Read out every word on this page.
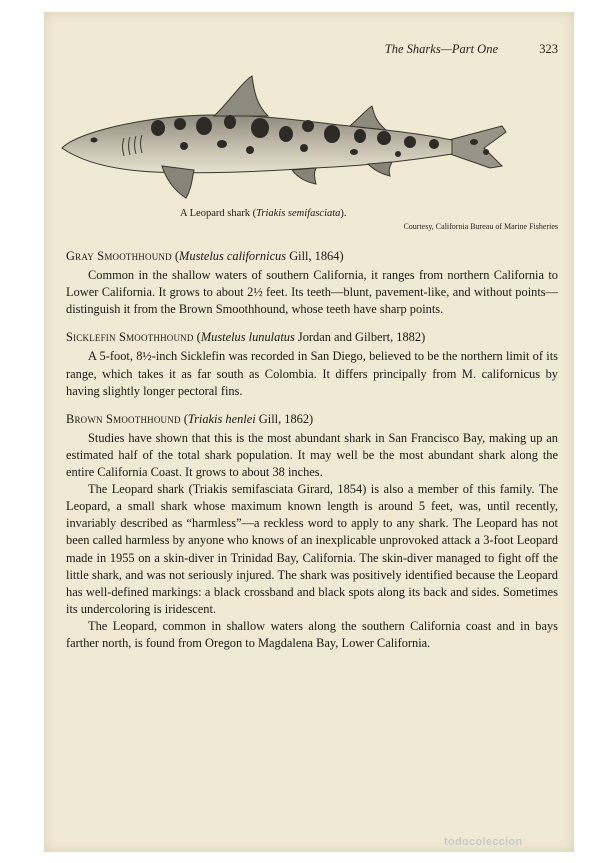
The Sharks—Part One	323
A Leopard shark (Triakis semifasciata).
Courtesy, California Bureau of Marine Fisheries
Gray Smoothhound (Mustelus californicus Gill, 1864)

Common in the shallow waters of southern California, it ranges from northern California to Lower California. It grows to about 2½ feet. Its teeth—blunt, pavement-like, and without points—distinguish it from the Brown Smoothhound, whose teeth have sharp points.

Sicklefin Smoothhound (Mustelus lunulatus Jordan and Gilbert, 1882)

A 5-foot, 8½-inch Sicklefin was recorded in San Diego, believed to be the northern limit of its range, which takes it as far south as Colombia. It differs principally from M. californicus by having slightly longer pectoral fins.

Brown Smoothhound (Triakis henlei Gill, 1862)

Studies have shown that this is the most abundant shark in San Francisco Bay, making up an estimated half of the total shark population. It may well be the most abundant shark along the entire California Coast. It grows to about 38 inches.

The Leopard shark (Triakis semifasciata Girard, 1854) is also a member of this family. The Leopard, a small shark whose maximum known length is around 5 feet, was, until recently, invariably described as “harmless”—a reckless word to apply to any shark. The Leopard has not been called harmless by anyone who knows of an inexplicable unprovoked attack a 3-foot Leopard made in 1955 on a skin-diver in Trinidad Bay, California. The skin-diver managed to fight off the little shark, and was not seriously injured. The shark was positively identified because the Leopard has well-defined markings: a black crossband and black spots along its back and sides. Sometimes its undercoloring is iridescent.

The Leopard, common in shallow waters along the southern California coast and in bays farther north, is found from Oregon to Magdalena Bay, Lower California.

todocoleccion
